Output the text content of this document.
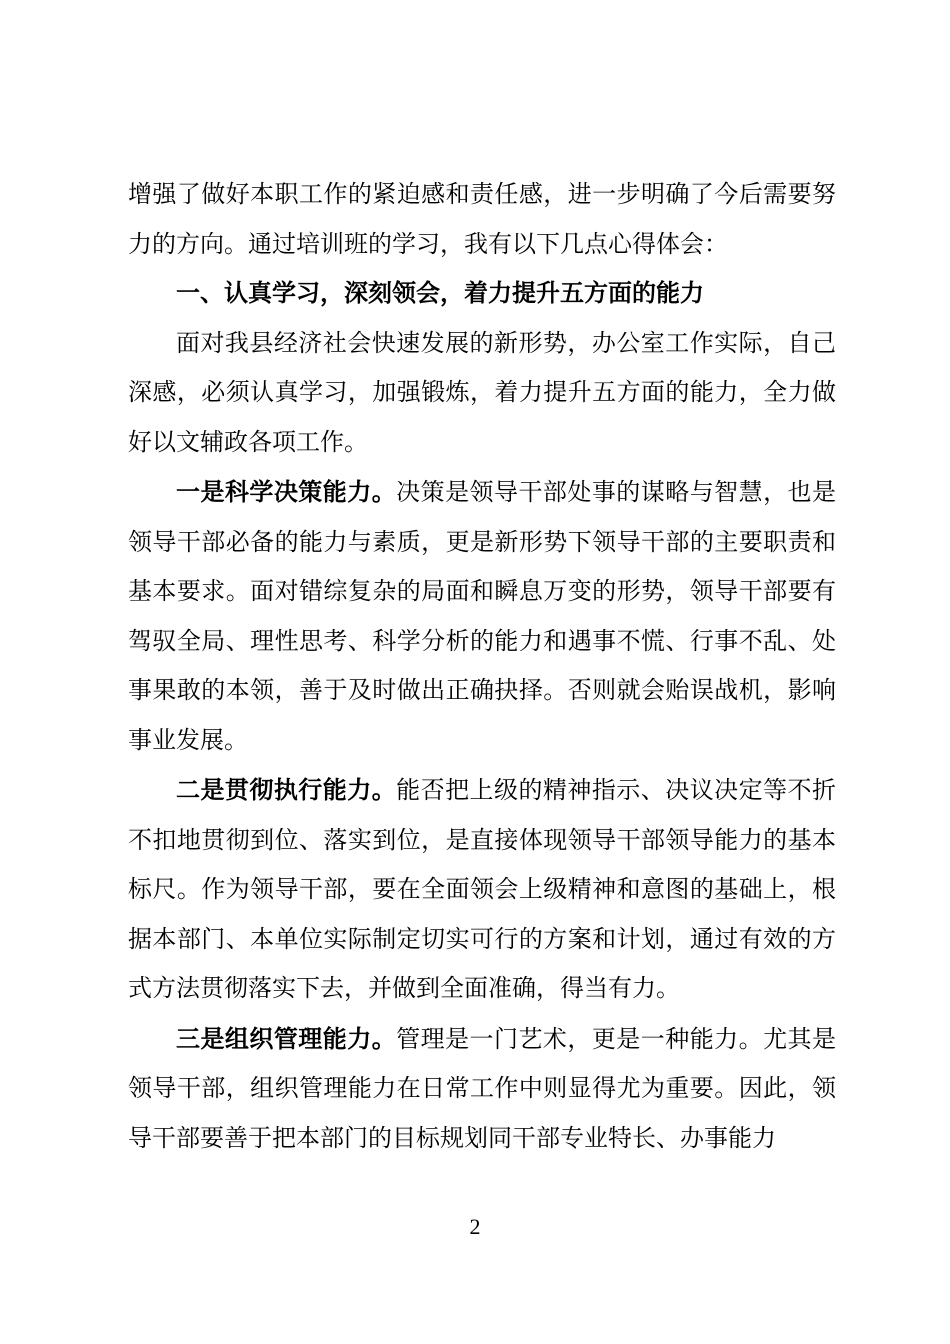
增强了做好本职工作的紧迫感和责任感，进一步明确了今后需要努力的方向。通过培训班的学习，我有以下几点心得体会：

一、认真学习，深刻领会，着力提升五方面的能力

面对我县经济社会快速发展的新形势，办公室工作实际，自己深感，必须认真学习，加强锻炼，着力提升五方面的能力，全力做好以文辅政各项工作。

一是科学决策能力。决策是领导干部处事的谋略与智慧，也是领导干部必备的能力与素质，更是新形势下领导干部的主要职责和基本要求。面对错综复杂的局面和瞬息万变的形势，领导干部要有驾驭全局、理性思考、科学分析的能力和遇事不慌、行事不乱、处事果敢的本领，善于及时做出正确抉择。否则就会贻误战机，影响事业发展。

二是贯彻执行能力。能否把上级的精神指示、决议决定等不折不扣地贯彻到位、落实到位，是直接体现领导干部领导能力的基本标尺。作为领导干部，要在全面领会上级精神和意图的基础上，根据本部门、本单位实际制定切实可行的方案和计划，通过有效的方式方法贯彻落实下去，并做到全面准确，得当有力。

三是组织管理能力。管理是一门艺术，更是一种能力。尤其是领导干部，组织管理能力在日常工作中则显得尤为重要。因此，领导干部要善于把本部门的目标规划同干部专业特长、办事能力

2
